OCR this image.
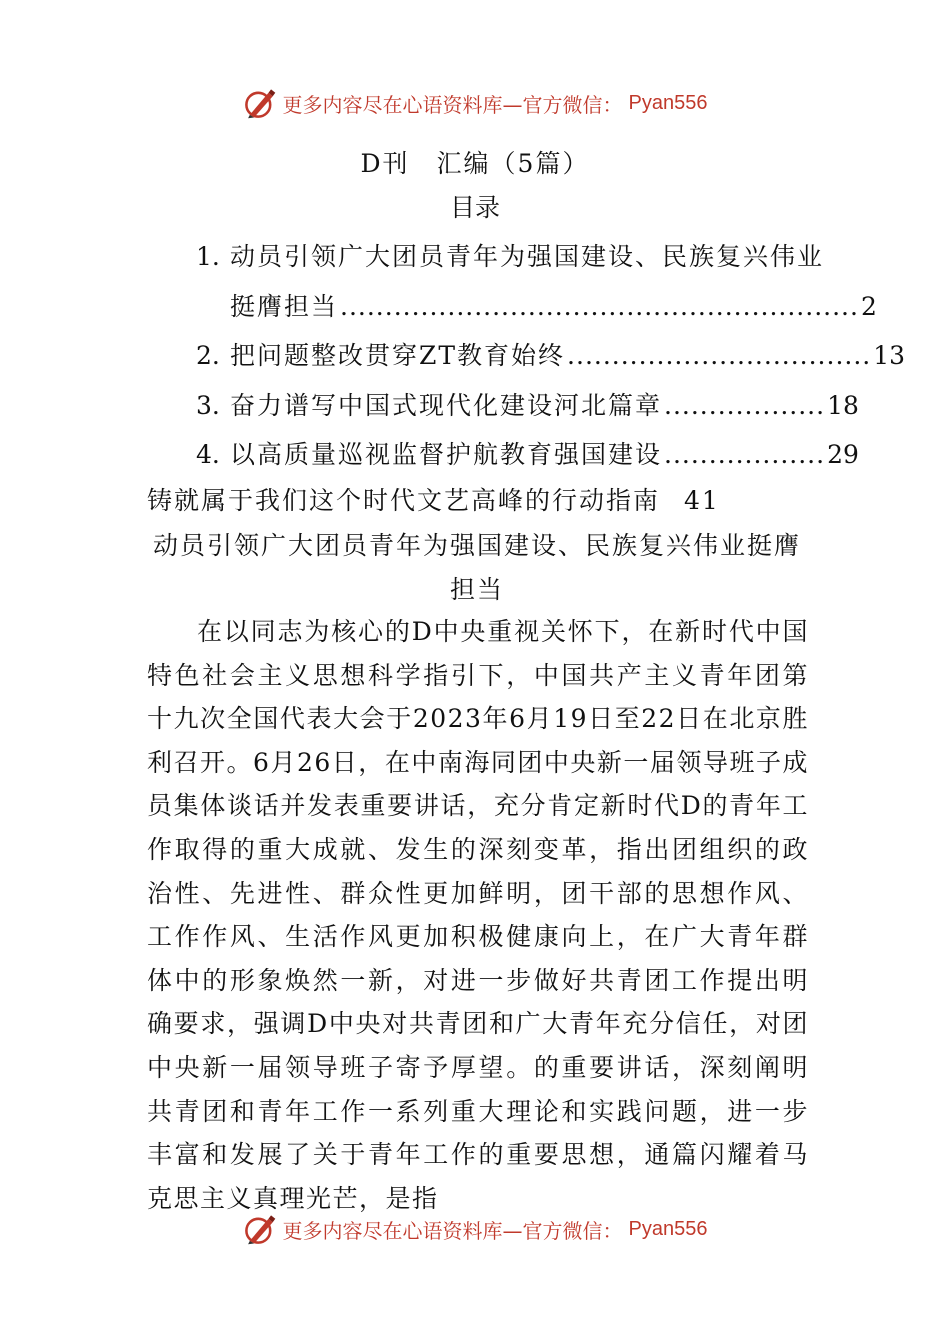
更多内容尽在心语资料库—官方微信： Pyan556
D刊　汇编（5篇）
目录
1. 动员引领广大团员青年为强国建设、民族复兴伟业
挺膺担当 .......................................................... 2
2. 把问题整改贯穿ZT教育始终 .................................. 13
3. 奋力谱写中国式现代化建设河北篇章 .................. 18
4. 以高质量巡视监督护航教育强国建设 .................. 29
铸就属于我们这个时代文艺高峰的行动指南 41
动员引领广大团员青年为强国建设、民族复兴伟业挺膺担当

在以同志为核心的D中央重视关怀下，在新时代中国特色社会主义思想科学指引下，中国共产主义青年团第十九次全国代表大会于2023年6月19日至22日在北京胜利召开。6月26日，在中南海同团中央新一届领导班子成员集体谈话并发表重要讲话，充分肯定新时代D的青年工作取得的重大成就、发生的深刻变革，指出团组织的政治性、先进性、群众性更加鲜明，团干部的思想作风、工作作风、生活作风更加积极健康向上，在广大青年群体中的形象焕然一新，对进一步做好共青团工作提出明确要求，强调D中央对共青团和广大青年充分信任，对团中央新一届领导班子寄予厚望。的重要讲话，深刻阐明共青团和青年工作一系列重大理论和实践问题，进一步丰富和发展了关于青年工作的重要思想，通篇闪耀着马克思主义真理光芒，是指

更多内容尽在心语资料库—官方微信： Pyan556
